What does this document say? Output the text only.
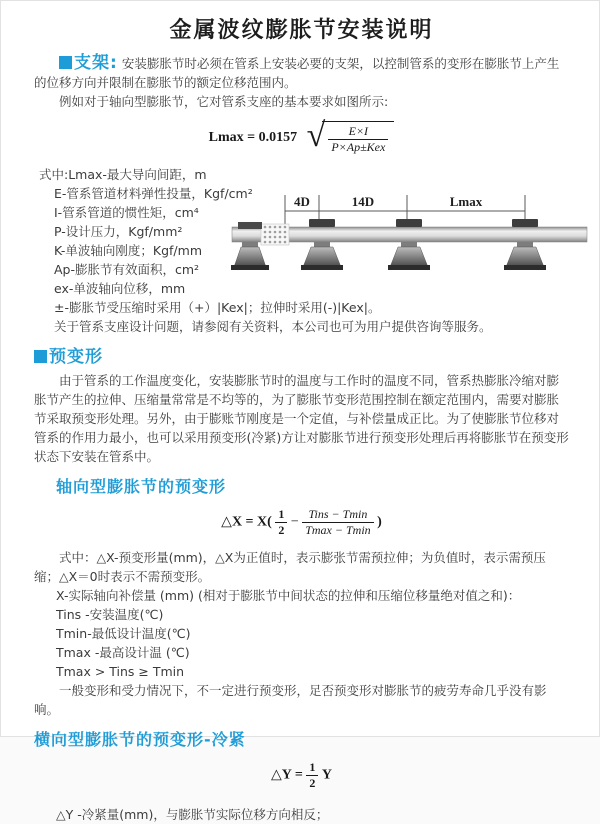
金属波纹膨胀节安装说明

支架: 安装膨胀节时必须在管系上安装必要的支架，以控制管系的变形在膨胀节上产生的位移方向并限制在膨胀节的额定位移范围内。

例如对于轴向型膨胀节，它对管系支座的基本要求如图所示:

Lmax = 0.0157 √ $\frac{E\times I}{\text{P×Ap±Kex}}$
式中:Lmax-最大导向间距，m
E-管系管道材料弹性投量，Kgf/cm²
I-管系管道的惯性矩，cm⁴
P-设计压力，Kgf/mm²
K-单波轴向刚度；Kgf/mm
Ap-膨胀节有效面积，cm²
ex-单波轴向位移，mm
±-膨胀节受压缩时采用（+）|Kex|；拉伸时采用(-)|Kex|。
关于管系支座设计问题，请参阅有关资料，本公司也可为用户提供咨询等服务。
4D	14D	Lmax
预变形

由于管系的工作温度变化，安装膨胀节时的温度与工作时的温度不同，管系热膨胀冷缩对膨胀节产生的拉伸、压缩量常常是不均等的，为了膨胀节变形范围控制在额定范围内，需要对膨胀节采取预变形处理。另外，由于膨账节刚度是一个定值，与补偿量成正比。为了使膨胀节位移对管系的作用力最小，也可以采用预变形(冷紧)方让对膨胀节进行预变形处理后再将膨胀节在预变形状态下安装在管系中。

轴向型膨胀节的预变形
△X = $X( \frac{1}{2} - \frac{\text{Tins − Tmin}}{Tmax - Tmin}$ )

式中：△X-预变形量(mm)，△X为正值时，表示膨张节需预拉伸；为负值时，表示需预压缩；△X＝0时表示不需预变形。

X-实际轴向补偿量 (mm) (相对于膨胀节中间状态的拉伸和压缩位移量绝对值之和)：
Tins -安装温度(℃)
Tmin-最低设计温度(℃)
Tmax -最高设计温 (℃)
Tmax > Tins ≥ Tmin

一般变形和受力情况下，不一定进行预变形，足否预变形对膨胀节的疲劳寿命几乎没有影响。

横向型膨胀节的预变形-冷紧
△Y = $\frac{1}{2}$ Y

△Y -冷紧量(mm)，与膨胀节实际位移方向相反；
